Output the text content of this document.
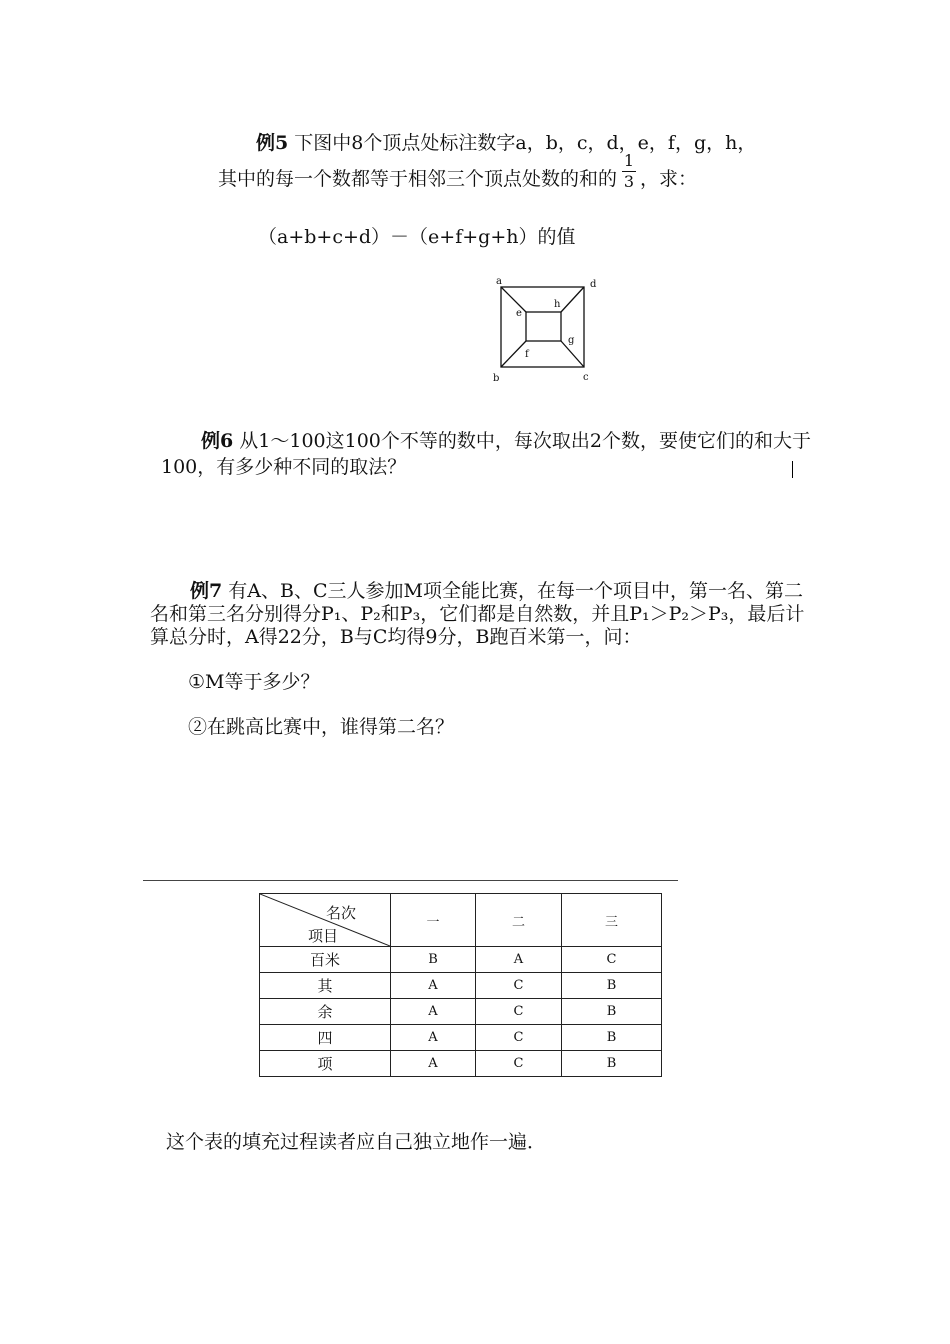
例5 下图中8个顶点处标注数字a，b，c，d，e，f，g，h，
其中的每一个数都等于相邻三个顶点处数的和的
1
3 ，求：
（a+b+c+d）－（e+f+g+h）的值
a
b	c
d
e
f
g
h
例6 从1～100这100个不等的数中，每次取出2个数，要使它们的和大于
100，有多少种不同的取法？
例7 有A、B、C三人参加M项全能比赛，在每一个项目中，第一名、第二
名和第三名分别得分P₁、P₂和P₃，它们都是自然数，并且P₁＞P₂＞P₃，最后计
算总分时，A得22分，B与C均得9分，B跑百米第一，问：
①M等于多少？
②在跳高比赛中，谁得第二名？
名次
项目	一	二	三
百米	B	A	C
其	A	C	B
余	A	C	B
四	A	C	B
项	A	C	B
这个表的填充过程读者应自己独立地作一遍．
